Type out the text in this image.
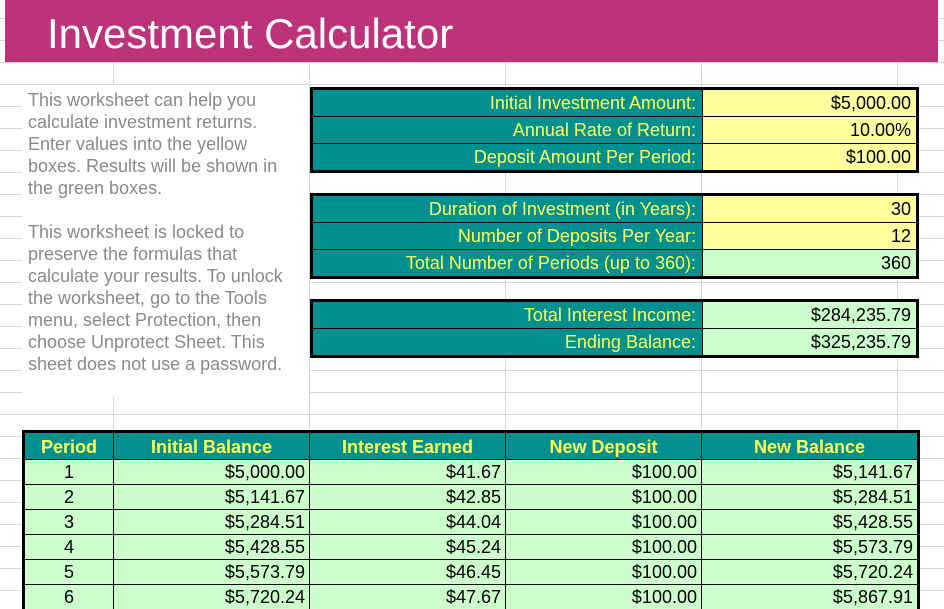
Investment Calculator

This worksheet can help you calculate investment returns. Enter values into the yellow boxes. Results will be shown in the green boxes.

This worksheet is locked to preserve the formulas that calculate your results. To unlock the worksheet, go to the Tools menu, select Protection, then choose Unprotect Sheet. This sheet does not use a password.

Initial Investment Amount:	$5,000.00
Annual Rate of Return:	10.00%
Deposit Amount Per Period:	$100.00
Duration of Investment (in Years):	30
Number of Deposits Per Year:	12
Total Number of Periods (up to 360):	360
Total Interest Income:	$284,235.79
Ending Balance:	$325,235.79
Period	Initial Balance	Interest Earned	New Deposit	New Balance
1	$5,000.00	$41.67	$100.00	$5,141.67
2	$5,141.67	$42.85	$100.00	$5,284.51
3	$5,284.51	$44.04	$100.00	$5,428.55
4	$5,428.55	$45.24	$100.00	$5,573.79
5	$5,573.79	$46.45	$100.00	$5,720.24
6	$5,720.24	$47.67	$100.00	$5,867.91
